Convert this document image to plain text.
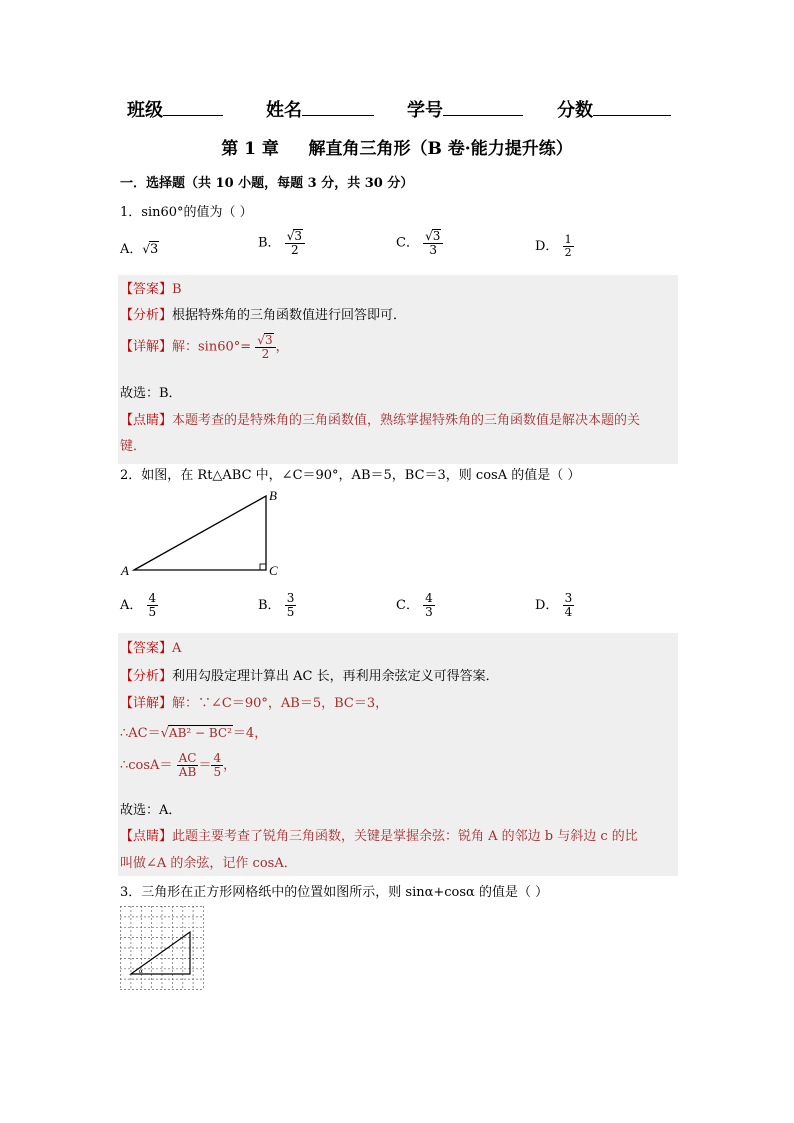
班级	姓名	学号	分数
第 1 章     解直角三角形（B 卷·能力提升练）
一．选择题（共 10 小题，每题 3 分，共 30 分）
1．sin60°的值为（ ）
A．√3	B． $\frac{√3}{2}$	C． $\frac{√3}{3}$	D． $\frac{1}{2}$
【答案】B
【分析】根据特殊角的三角函数值进行回答即可．
【详解】解：$\sin 60^\circ= \frac{√3}{2}$ ，
故选：B．
【点睛】本题考查的是特殊角的三角函数值，熟练掌握特殊角的三角函数值是解决本题的关
键．
2．如图，在 Rt△ABC 中，∠C＝90°，AB＝5，BC＝3，则 cosA 的值是（ ）
A
B
C
A． $\frac{4}{5}$	B． $\frac{3}{5}$	C． $\frac{4}{3}$	D． $\frac{3}{4}$
【答案】A
【分析】利用勾股定理计算出 AC 长，再利用余弦定义可得答案．
【详解】解：∵∠C＝90°，AB＝5，BC＝3，
∴AC＝√AB² − BC²＝4，
∴cosA＝ $\frac{AC}{AB} = \frac{4}{5}$ ，
故选：A．
【点睛】此题主要考查了锐角三角函数，关键是掌握余弦：锐角 A 的邻边 b 与斜边 c 的比
叫做∠A 的余弦，记作 cosA．
3．三角形在正方形网格纸中的位置如图所示，则 sinα+cosα 的值是（ ）
α
